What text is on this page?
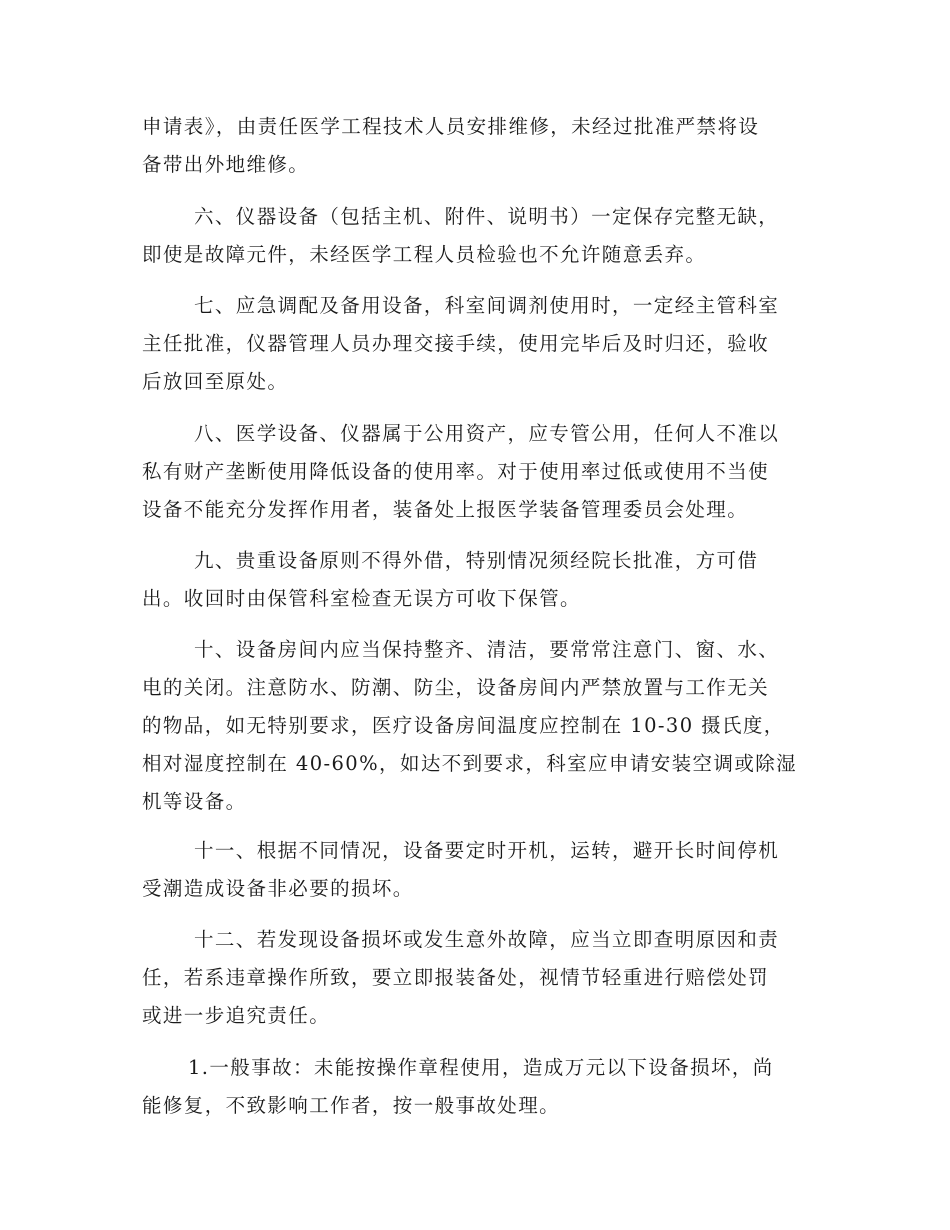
申请表》，由责任医学工程技术人员安排维修，未经过批准严禁将设
备带出外地维修。

六、仪器设备（包括主机、附件、说明书）一定保存完整无缺，
即使是故障元件，未经医学工程人员检验也不允许随意丢弃。

七、应急调配及备用设备，科室间调剂使用时，一定经主管科室
主任批准，仪器管理人员办理交接手续，使用完毕后及时归还，验收
后放回至原处。

八、医学设备、仪器属于公用资产，应专管公用，任何人不准以
私有财产垄断使用降低设备的使用率。对于使用率过低或使用不当使
设备不能充分发挥作用者，装备处上报医学装备管理委员会处理。

九、贵重设备原则不得外借，特别情况须经院长批准，方可借
出。收回时由保管科室检查无误方可收下保管。

十、设备房间内应当保持整齐、清洁，要常常注意门、窗、水、
电的关闭。注意防水、防潮、防尘，设备房间内严禁放置与工作无关
的物品，如无特别要求，医疗设备房间温度应控制在 10-30 摄氏度，
相对湿度控制在 40-60%，如达不到要求，科室应申请安装空调或除湿
机等设备。

十一、根据不同情况，设备要定时开机，运转，避开长时间停机
受潮造成设备非必要的损坏。

十二、若发现设备损坏或发生意外故障，应当立即查明原因和责
任，若系违章操作所致，要立即报装备处，视情节轻重进行赔偿处罚
或进一步追究责任。

1.一般事故：未能按操作章程使用，造成万元以下设备损坏，尚
能修复，不致影响工作者，按一般事故处理。
